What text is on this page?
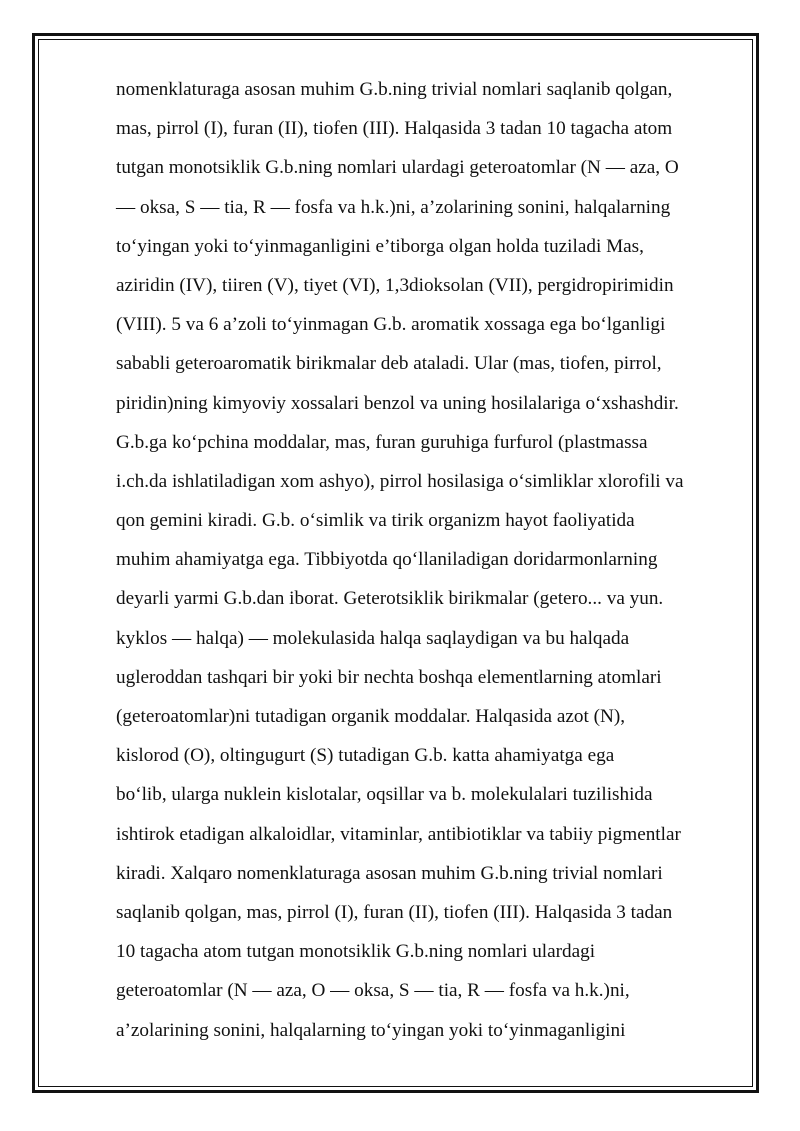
nomenklaturaga asosan muhim G.b.ning trivial nomlari saqlanib qolgan,
mas, pirrol (I), furan (II), tiofen (III). Halqasida 3 tadan 10 tagacha atom
tutgan monotsiklik G.b.ning nomlari ulardagi geteroatomlar (N — aza, O
— oksa, S — tia, R — fosfa va h.k.)ni, a’zolarining sonini, halqalarning
to‘yingan yoki to‘yinmaganligini e’tiborga olgan holda tuziladi Mas,
aziridin (IV), tiiren (V), tiyet (VI), 1,3dioksolan (VII), pergidropirimidin
(VIII). 5 va 6 a’zoli to‘yinmagan G.b. aromatik xossaga ega bo‘lganligi
sababli geteroaromatik birikmalar deb ataladi. Ular (mas, tiofen, pirrol,
piridin)ning kimyoviy xossalari benzol va uning hosilalariga o‘xshashdir.
G.b.ga ko‘pchina moddalar, mas, furan guruhiga furfurol (plastmassa
i.ch.da ishlatiladigan xom ashyo), pirrol hosilasiga o‘simliklar xlorofili va
qon gemini kiradi. G.b. o‘simlik va tirik organizm hayot faoliyatida
muhim ahamiyatga ega. Tibbiyotda qo‘llaniladigan doridarmonlarning
deyarli yarmi G.b.dan iborat. Geterotsiklik birikmalar (getero... va yun.
kyklos — halqa) — molekulasida halqa saqlaydigan va bu halqada
ugleroddan tashqari bir yoki bir nechta boshqa elementlarning atomlari
(geteroatomlar)ni tutadigan organik moddalar. Halqasida azot (N),
kislorod (O), oltingugurt (S) tutadigan G.b. katta ahamiyatga ega
bo‘lib, ularga nuklein kislotalar, oqsillar va b. molekulalari tuzilishida
ishtirok etadigan alkaloidlar, vitaminlar, antibiotiklar va tabiiy pigmentlar
kiradi. Xalqaro nomenklaturaga asosan muhim G.b.ning trivial nomlari
saqlanib qolgan, mas, pirrol (I), furan (II), tiofen (III). Halqasida 3 tadan
10 tagacha atom tutgan monotsiklik G.b.ning nomlari ulardagi
geteroatomlar (N — aza, O — oksa, S — tia, R — fosfa va h.k.)ni,
a’zolarining sonini, halqalarning to‘yingan yoki to‘yinmaganligini
